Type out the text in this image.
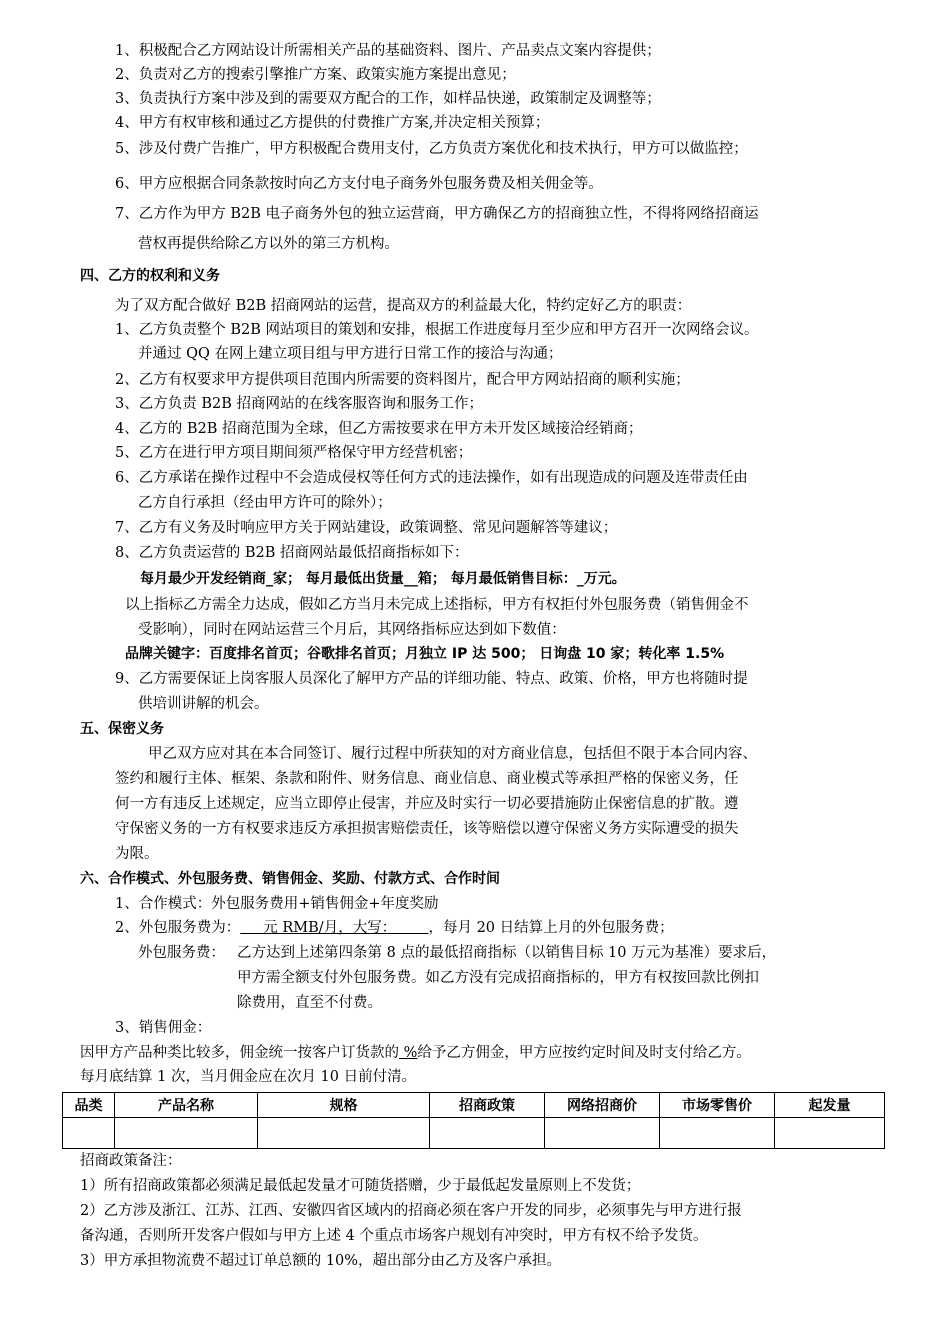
1、积极配合乙方网站设计所需相关产品的基础资料、图片、产品卖点文案内容提供；
2、负责对乙方的搜索引擎推广方案、政策实施方案提出意见；
3、负责执行方案中涉及到的需要双方配合的工作，如样品快递，政策制定及调整等；
4、甲方有权审核和通过乙方提供的付费推广方案,并决定相关预算；
5、涉及付费广告推广，甲方积极配合费用支付，乙方负责方案优化和技术执行，甲方可以做监控；
6、甲方应根据合同条款按时向乙方支付电子商务外包服务费及相关佣金等。
7、乙方作为甲方 B2B 电子商务外包的独立运营商，甲方确保乙方的招商独立性，不得将网络招商运
营权再提供给除乙方以外的第三方机构。
四、乙方的权利和义务
为了双方配合做好 B2B 招商网站的运营，提高双方的利益最大化，特约定好乙方的职责：
1、乙方负责整个 B2B 网站项目的策划和安排，根据工作进度每月至少应和甲方召开一次网络会议。
并通过 QQ 在网上建立项目组与甲方进行日常工作的接洽与沟通；
2、乙方有权要求甲方提供项目范围内所需要的资料图片，配合甲方网站招商的顺利实施；
3、乙方负责 B2B 招商网站的在线客服咨询和服务工作；
4、乙方的 B2B 招商范围为全球，但乙方需按要求在甲方未开发区域接洽经销商；
5、乙方在进行甲方项目期间须严格保守甲方经营机密；
6、乙方承诺在操作过程中不会造成侵权等任何方式的违法操作，如有出现造成的问题及连带责任由
乙方自行承担（经由甲方许可的除外）；
7、乙方有义务及时响应甲方关于网站建设，政策调整、常见问题解答等建议；
8、乙方负责运营的 B2B 招商网站最低招商指标如下：
每月最少开发经销商_家； 每月最低出货量__箱； 每月最低销售目标：_万元。
以上指标乙方需全力达成，假如乙方当月未完成上述指标，甲方有权拒付外包服务费（销售佣金不
受影响），同时在网站运营三个月后，其网络指标应达到如下数值：
品牌关键字：百度排名首页；谷歌排名首页；月独立 IP 达 500； 日询盘 10 家；转化率 1.5%
9、乙方需要保证上岗客服人员深化了解甲方产品的详细功能、特点、政策、价格，甲方也将随时提
供培训讲解的机会。
五、保密义务
甲乙双方应对其在本合同签订、履行过程中所获知的对方商业信息，包括但不限于本合同内容、
签约和履行主体、框架、条款和附件、财务信息、商业信息、商业模式等承担严格的保密义务，任
何一方有违反上述规定，应当立即停止侵害，并应及时实行一切必要措施防止保密信息的扩散。遵
守保密义务的一方有权要求违反方承担损害赔偿责任，该等赔偿以遵守保密义务方实际遭受的损失
为限。
六、合作模式、外包服务费、销售佣金、奖励、付款方式、合作时间
1、合作模式：外包服务费用+销售佣金+年度奖励
2、外包服务费为：     元 RMB/月，大写：       ，每月 20 日结算上月的外包服务费；
外包服务费： 乙方达到上述第四条第 8 点的最低招商指标（以销售目标 10 万元为基准）要求后，
甲方需全额支付外包服务费。如乙方没有完成招商指标的，甲方有权按回款比例扣
除费用，直至不付费。
3、销售佣金：
因甲方产品种类比较多，佣金统一按客户订货款的 %给予乙方佣金，甲方应按约定时间及时支付给乙方。
每月底结算 1 次，当月佣金应在次月 10 日前付清。
品类	产品名称	规格	招商政策	网络招商价	市场零售价	起发量

招商政策备注：
1）所有招商政策都必须满足最低起发量才可随货搭赠，少于最低起发量原则上不发货；
2）乙方涉及浙江、江苏、江西、安徽四省区域内的招商必须在客户开发的同步，必须事先与甲方进行报
备沟通，否则所开发客户假如与甲方上述 4 个重点市场客户规划有冲突时，甲方有权不给予发货。
3）甲方承担物流费不超过订单总额的 10%，超出部分由乙方及客户承担。
